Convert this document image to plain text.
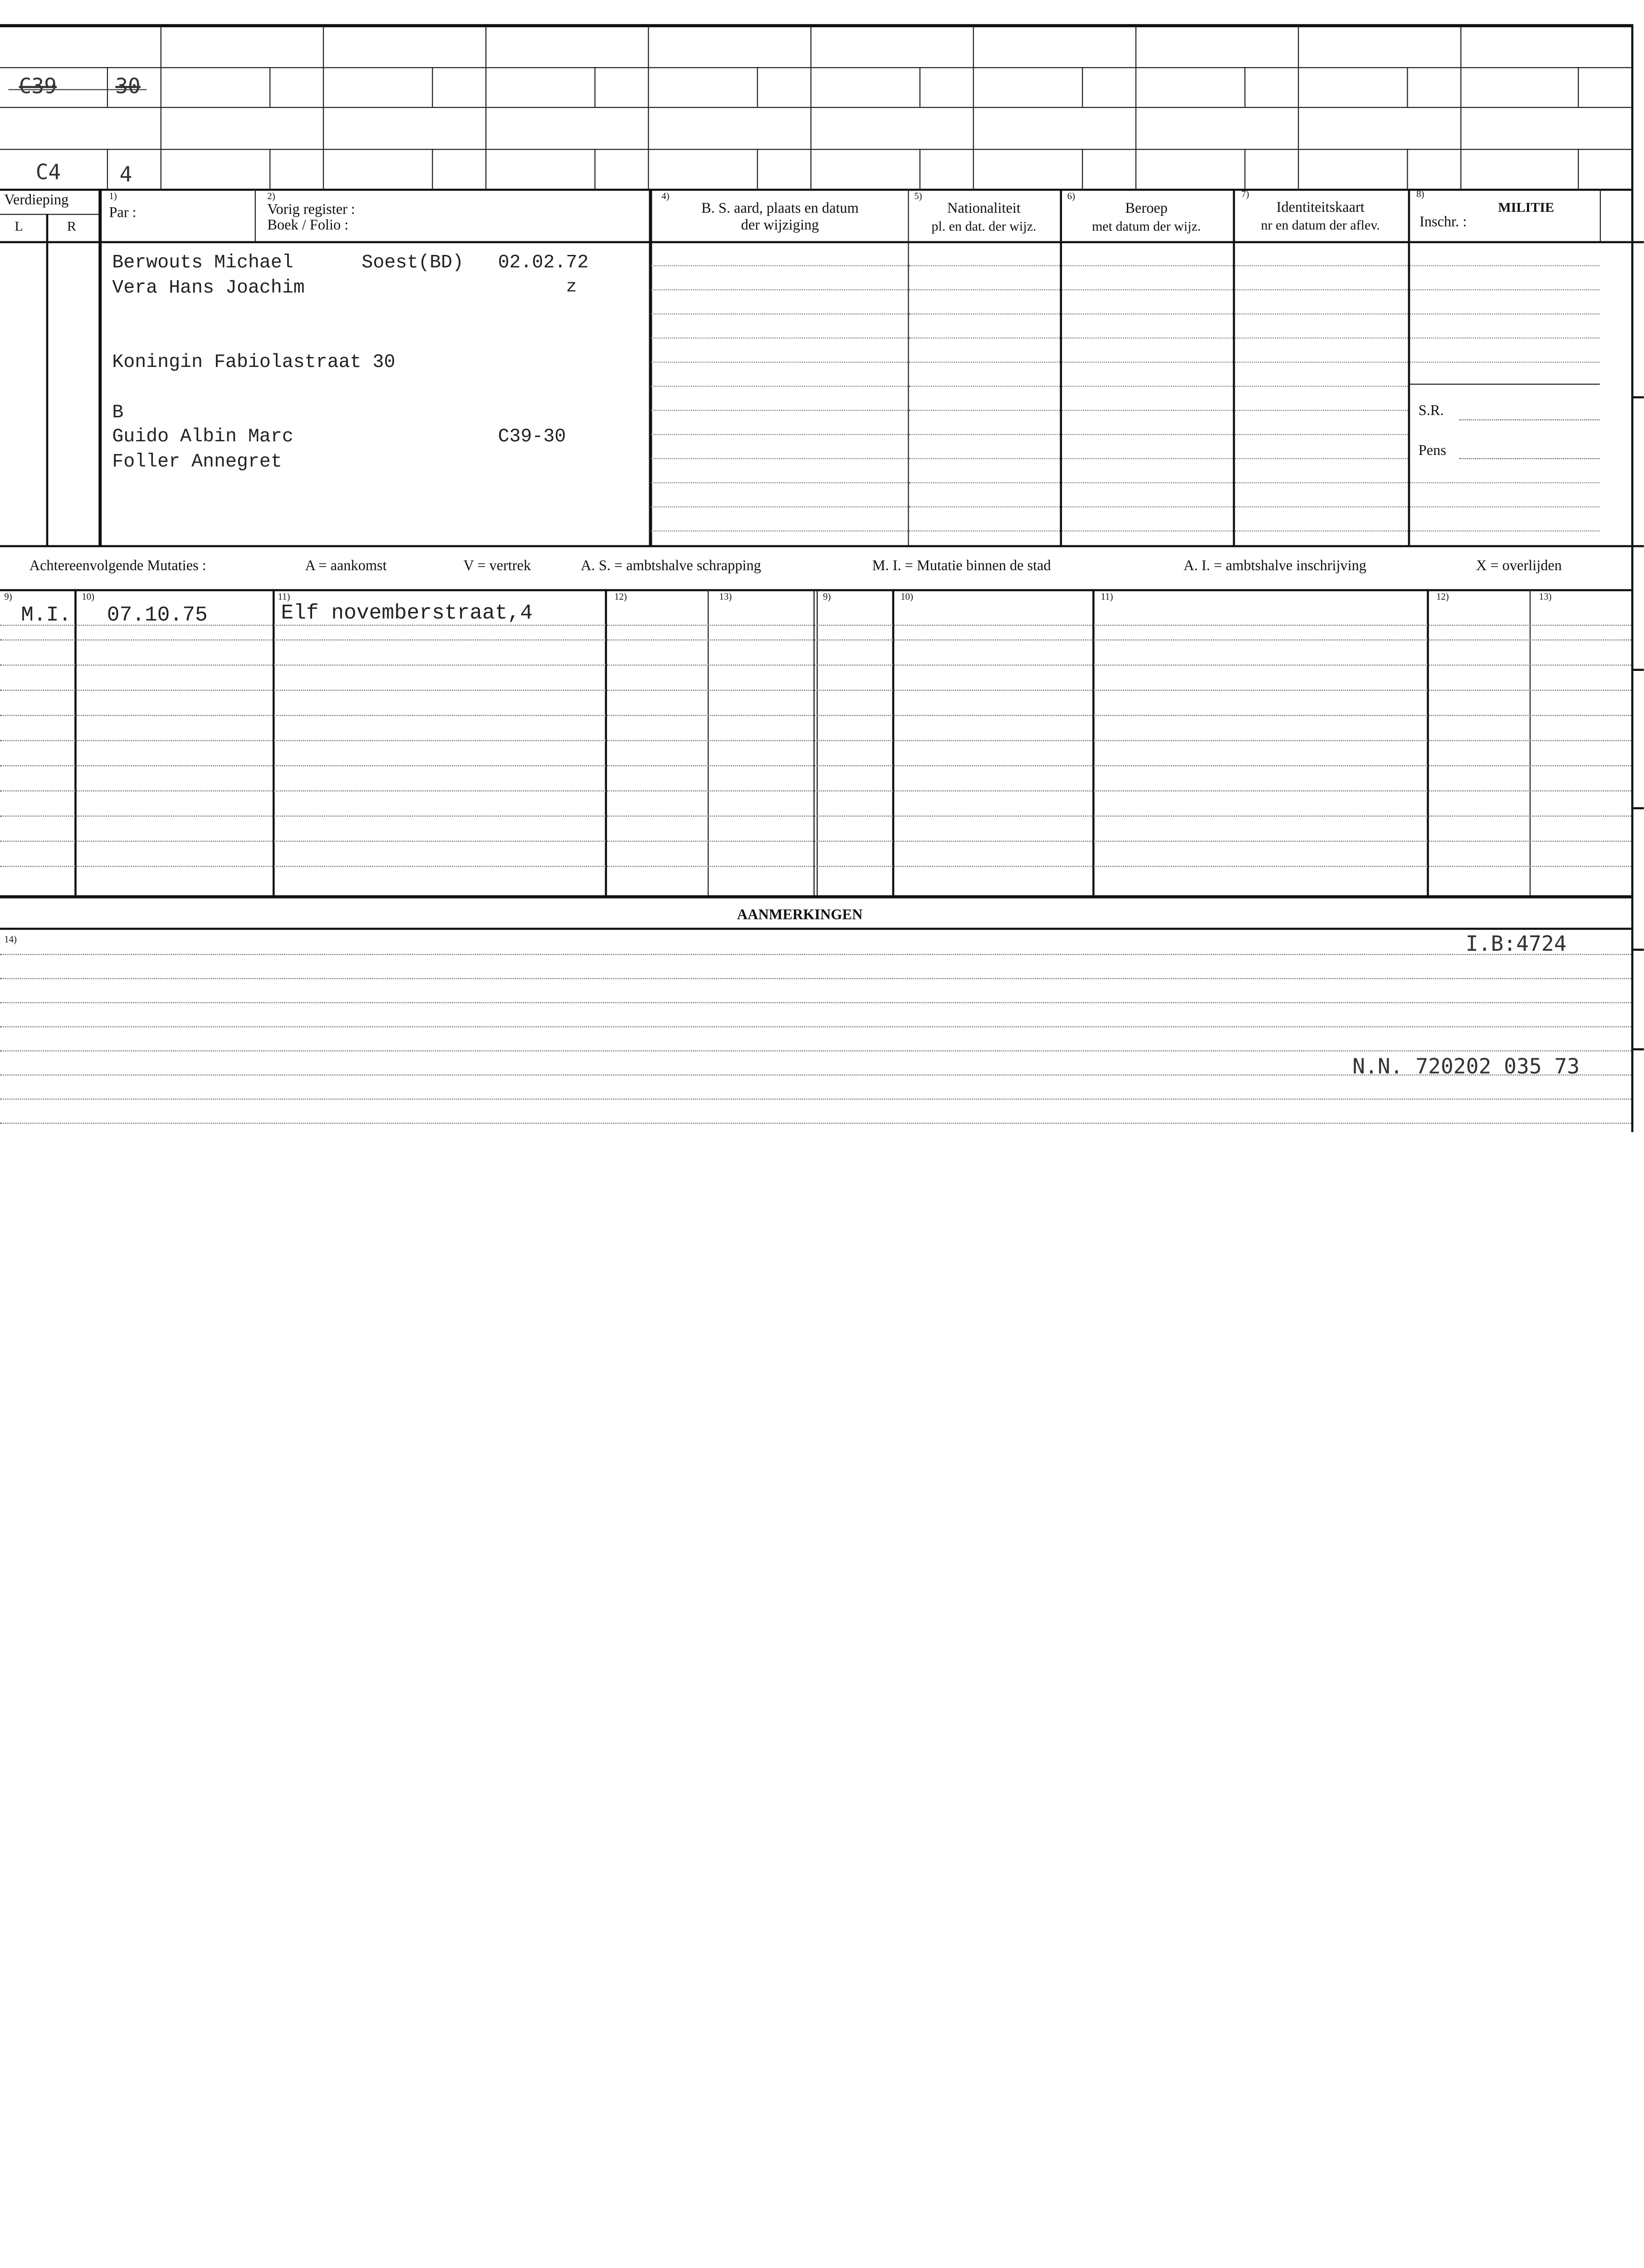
C39	30
C4	4
Verdieping
L	R
1)
Par :
2)
Vorig register :
Boek / Folio :
4)
B. S. aard, plaats en datum
der wijziging
5)
Nationaliteit
pl. en dat. der wijz.
6)
Beroep
met datum der wijz.
7)
Identiteitskaart
nr en datum der aflev.
8)
MILITIE
Inschr. :
Berwouts Michael	Soest(BD)	02.02.72
Vera Hans Joachim	z
Koningin Fabiolastraat 30
B
Guido Albin Marc	C39-30
Foller Annegret
S.R.
Pens
Achtereenvolgende Mutaties :	A = aankomst	V = vertrek	A. S. = ambtshalve schrapping	M. I. = Mutatie binnen de stad	A. I. = ambtshalve inschrijving	X = overlijden
9)	10)	11)	12)	13)	9)	10)	11)	12)	13)
M.I.	07.10.75	Elf novemberstraat,4
AANMERKINGEN
14)	I.B:4724
N.N. 720202 035 73
